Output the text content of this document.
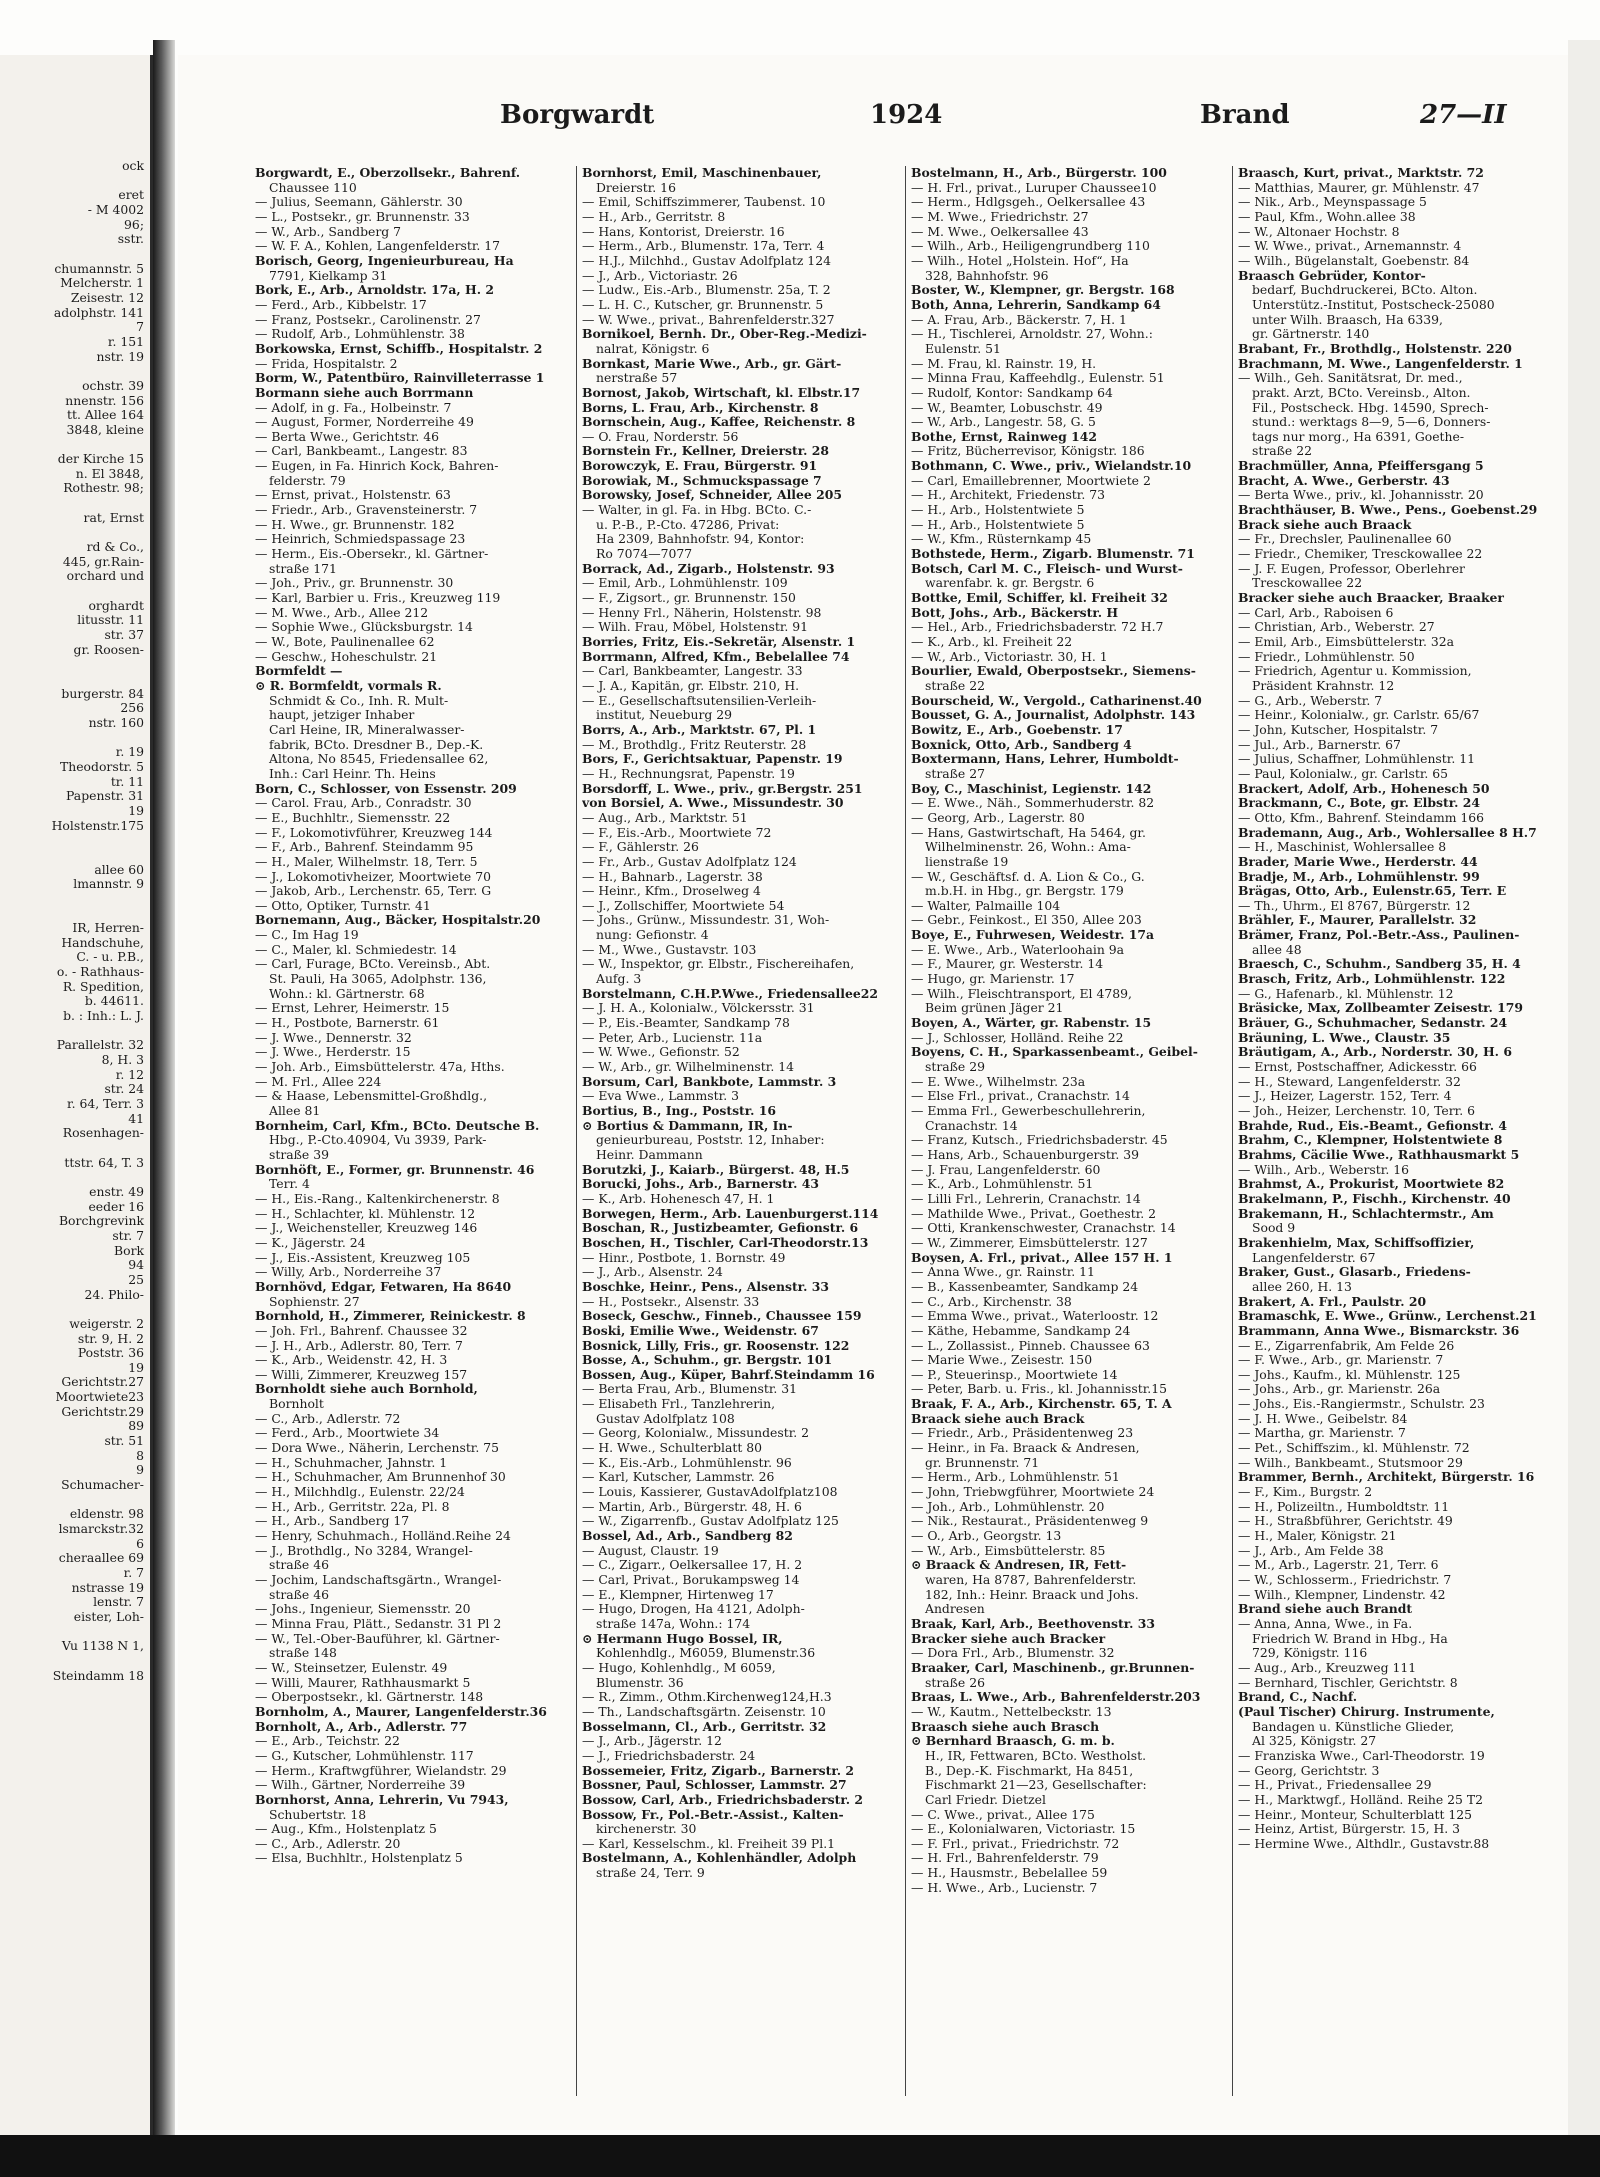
ock

eret

- M 4002

96;

sstr.

chumannstr. 5

Melcherstr. 1

Zeisestr. 12

adolphstr. 141

7

r. 151

nstr. 19

ochstr. 39

nnenstr. 156

tt. Allee 164

3848, kleine

der Kirche 15

n. El 3848,

Rothestr. 98;

rat, Ernst

rd & Co.,

445, gr.Rain-

orchard und

orghardt

litusstr. 11

str. 37

gr. Roosen-

burgerstr. 84

256

nstr. 160

r. 19

Theodorstr. 5

tr. 11

Papenstr. 31

19

Holstenstr.175

allee 60

lmannstr. 9

IR, Herren-

Handschuhe,

C. - u. P.B.,

o. - Rathhaus-

R. Spedition,

b. 44611.

b. : Inh.: L. J.

Parallelstr. 32

8, H. 3

r. 12

str. 24

r. 64, Terr. 3

41

Rosenhagen-

ttstr. 64, T. 3

enstr. 49

eeder 16

Borchgrevink

str. 7

Bork

94

25

24. Philo-

weigerstr. 2

str. 9, H. 2

Poststr. 36

19

Gerichtstr.27

Moortwiete23

Gerichtstr.29

89

str. 51

8

9

Schumacher-

eldenstr. 98

lsmarckstr.32

6

cheraallee 69

r. 7

nstrasse 19

lenstr. 7

eister, Loh-

Vu 1138 N 1,

Steindamm 18

Borgwardt	1924	Brand	27—II

Borgwardt, E., Oberzollsekr., Bahrenf.

Chaussee 110

— Julius, Seemann, Gählerstr. 30

— L., Postsekr., gr. Brunnenstr. 33

— W., Arb., Sandberg 7

— W. F. A., Kohlen, Langenfelderstr. 17

Borisch, Georg, Ingenieurbureau, Ha

7791, Kielkamp 31

Bork, E., Arb., Arnoldstr. 17a, H. 2

— Ferd., Arb., Kibbelstr. 17

— Franz, Postsekr., Carolinenstr. 27

— Rudolf, Arb., Lohmühlenstr. 38

Borkowska, Ernst, Schiffb., Hospitalstr. 2

— Frida, Hospitalstr. 2

Borm, W., Patentbüro, Rainvilleterrasse 1

Bormann siehe auch Borrmann

— Adolf, in g. Fa., Holbeinstr. 7

— August, Former, Norderreihe 49

— Berta Wwe., Gerichtstr. 46

— Carl, Bankbeamt., Langestr. 83

— Eugen, in Fa. Hinrich Kock, Bahren-

felderstr. 79

— Ernst, privat., Holstenstr. 63

— Friedr., Arb., Gravensteinerstr. 7

— H. Wwe., gr. Brunnenstr. 182

— Heinrich, Schmiedspassage 23

— Herm., Eis.-Obersekr., kl. Gärtner-

straße 171

— Joh., Priv., gr. Brunnenstr. 30

— Karl, Barbier u. Fris., Kreuzweg 119

— M. Wwe., Arb., Allee 212

— Sophie Wwe., Glücksburgstr. 14

— W., Bote, Paulinenallee 62

— Geschw., Hoheschulstr. 21

Bormfeldt —

⊙ R. Bormfeldt, vormals R.

Schmidt & Co., Inh. R. Mult-

haupt, jetziger Inhaber

Carl Heine, IR, Mineralwasser-

fabrik, BCto. Dresdner B., Dep.-K.

Altona, No 8545, Friedensallee 62,

Inh.: Carl Heinr. Th. Heins

Born, C., Schlosser, von Essenstr. 209

— Carol. Frau, Arb., Conradstr. 30

— E., Buchhltr., Siemensstr. 22

— F., Lokomotivführer, Kreuzweg 144

— F., Arb., Bahrenf. Steindamm 95

— H., Maler, Wilhelmstr. 18, Terr. 5

— J., Lokomotivheizer, Moortwiete 70

— Jakob, Arb., Lerchenstr. 65, Terr. G

— Otto, Optiker, Turnstr. 41

Bornemann, Aug., Bäcker, Hospitalstr.20

— C., Im Hag 19

— C., Maler, kl. Schmiedestr. 14

— Carl, Furage, BCto. Vereinsb., Abt.

St. Pauli, Ha 3065, Adolphstr. 136,

Wohn.: kl. Gärtnerstr. 68

— Ernst, Lehrer, Heimerstr. 15

— H., Postbote, Barnerstr. 61

— J. Wwe., Dennerstr. 32

— J. Wwe., Herderstr. 15

— Joh. Arb., Eimsbüttelerstr. 47a, Hths.

— M. Frl., Allee 224

— & Haase, Lebensmittel-Großhdlg.,

Allee 81

Bornheim, Carl, Kfm., BCto. Deutsche B.

Hbg., P.-Cto.40904, Vu 3939, Park-

straße 39

Bornhöft, E., Former, gr. Brunnenstr. 46

Terr. 4

— H., Eis.-Rang., Kaltenkirchenerstr. 8

— H., Schlachter, kl. Mühlenstr. 12

— J., Weichensteller, Kreuzweg 146

— K., Jägerstr. 24

— J., Eis.-Assistent, Kreuzweg 105

— Willy, Arb., Norderreihe 37

Bornhövd, Edgar, Fetwaren, Ha 8640

Sophienstr. 27

Bornhold, H., Zimmerer, Reinickestr. 8

— Joh. Frl., Bahrenf. Chaussee 32

— J. H., Arb., Adlerstr. 80, Terr. 7

— K., Arb., Weidenstr. 42, H. 3

— Willi, Zimmerer, Kreuzweg 157

Bornholdt siehe auch Bornhold,

Bornholt

— C., Arb., Adlerstr. 72

— Ferd., Arb., Moortwiete 34

— Dora Wwe., Näherin, Lerchenstr. 75

— H., Schuhmacher, Jahnstr. 1

— H., Schuhmacher, Am Brunnenhof 30

— H., Milchhdlg., Eulenstr. 22/24

— H., Arb., Gerritstr. 22a, Pl. 8

— H., Arb., Sandberg 17

— Henry, Schuhmach., Holländ.Reihe 24

— J., Brothdlg., No 3284, Wrangel-

straße 46

— Jochim, Landschaftsgärtn., Wrangel-

straße 46

— Johs., Ingenieur, Siemensstr. 20

— Minna Frau, Plätt., Sedanstr. 31 Pl 2

— W., Tel.-Ober-Bauführer, kl. Gärtner-

straße 148

— W., Steinsetzer, Eulenstr. 49

— Willi, Maurer, Rathhausmarkt 5

— Oberpostsekr., kl. Gärtnerstr. 148

Bornholm, A., Maurer, Langenfelderstr.36

Bornholt, A., Arb., Adlerstr. 77

— E., Arb., Teichstr. 22

— G., Kutscher, Lohmühlenstr. 117

— Herm., Kraftwgführer, Wielandstr. 29

— Wilh., Gärtner, Norderreihe 39

Bornhorst, Anna, Lehrerin, Vu 7943,

Schubertstr. 18

— Aug., Kfm., Holstenplatz 5

— C., Arb., Adlerstr. 20

— Elsa, Buchhltr., Holstenplatz 5

Bornhorst, Emil, Maschinenbauer,

Dreierstr. 16

— Emil, Schiffszimmerer, Taubenst. 10

— H., Arb., Gerritstr. 8

— Hans, Kontorist, Dreierstr. 16

— Herm., Arb., Blumenstr. 17a, Terr. 4

— H.J., Milchhd., Gustav Adolfplatz 124

— J., Arb., Victoriastr. 26

— Ludw., Eis.-Arb., Blumenstr. 25a, T. 2

— L. H. C., Kutscher, gr. Brunnenstr. 5

— W. Wwe., privat., Bahrenfelderstr.327

Bornikoel, Bernh. Dr., Ober-Reg.-Medizi-

nalrat, Königstr. 6

Bornkast, Marie Wwe., Arb., gr. Gärt-

nerstraße 57

Bornost, Jakob, Wirtschaft, kl. Elbstr.17

Borns, L. Frau, Arb., Kirchenstr. 8

Bornschein, Aug., Kaffee, Reichenstr. 8

— O. Frau, Norderstr. 56

Bornstein Fr., Kellner, Dreierstr. 28

Borowczyk, E. Frau, Bürgerstr. 91

Borowiak, M., Schmuckspassage 7

Borowsky, Josef, Schneider, Allee 205

— Walter, in gl. Fa. in Hbg. BCto. C.-

u. P.-B., P.-Cto. 47286, Privat:

Ha 2309, Bahnhofstr. 94, Kontor:

Ro 7074—7077

Borrack, Ad., Zigarb., Holstenstr. 93

— Emil, Arb., Lohmühlenstr. 109

— F., Zigsort., gr. Brunnenstr. 150

— Henny Frl., Näherin, Holstenstr. 98

— Wilh. Frau, Möbel, Holstenstr. 91

Borries, Fritz, Eis.-Sekretär, Alsenstr. 1

Borrmann, Alfred, Kfm., Bebelallee 74

— Carl, Bankbeamter, Langestr. 33

— J. A., Kapitän, gr. Elbstr. 210, H.

— E., Gesellschaftsutensilien-Verleih-

institut, Neueburg 29

Borrs, A., Arb., Marktstr. 67, Pl. 1

— M., Brothdlg., Fritz Reuterstr. 28

Bors, F., Gerichtsaktuar, Papenstr. 19

— H., Rechnungsrat, Papenstr. 19

Borsdorff, L. Wwe., priv., gr.Bergstr. 251

von Borsiel, A. Wwe., Missundestr. 30

— Aug., Arb., Marktstr. 51

— F., Eis.-Arb., Moortwiete 72

— F., Gählerstr. 26

— Fr., Arb., Gustav Adolfplatz 124

— H., Bahnarb., Lagerstr. 38

— Heinr., Kfm., Droselweg 4

— J., Zollschiffer, Moortwiete 54

— Johs., Grünw., Missundestr. 31, Woh-

nung: Gefionstr. 4

— M., Wwe., Gustavstr. 103

— W., Inspektor, gr. Elbstr., Fischereihafen,

Aufg. 3

Borstelmann, C.H.P.Wwe., Friedensallee22

— J. H. A., Kolonialw., Völckersstr. 31

— P., Eis.-Beamter, Sandkamp 78

— Peter, Arb., Lucienstr. 11a

— W. Wwe., Gefionstr. 52

— W., Arb., gr. Wilhelminenstr. 14

Borsum, Carl, Bankbote, Lammstr. 3

— Eva Wwe., Lammstr. 3

Bortius, B., Ing., Poststr. 16

⊙ Bortius & Dammann, IR, In-

genieurbureau, Poststr. 12, Inhaber:

Heinr. Dammann

Borutzki, J., Kaiarb., Bürgerst. 48, H.5

Borucki, Johs., Arb., Barnerstr. 43

— K., Arb. Hohenesch 47, H. 1

Borwegen, Herm., Arb. Lauenburgerst.114

Boschan, R., Justizbeamter, Gefionstr. 6

Boschen, H., Tischler, Carl-Theodorstr.13

— Hinr., Postbote, 1. Bornstr. 49

— J., Arb., Alsenstr. 24

Boschke, Heinr., Pens., Alsenstr. 33

— H., Postsekr., Alsenstr. 33

Boseck, Geschw., Finneb., Chaussee 159

Boski, Emilie Wwe., Weidenstr. 67

Bosnick, Lilly, Fris., gr. Roosenstr. 122

Bosse, A., Schuhm., gr. Bergstr. 101

Bossen, Aug., Küper, Bahrf.Steindamm 16

— Berta Frau, Arb., Blumenstr. 31

— Elisabeth Frl., Tanzlehrerin,

Gustav Adolfplatz 108

— Georg, Kolonialw., Missundestr. 2

— H. Wwe., Schulterblatt 80

— K., Eis.-Arb., Lohmühlenstr. 96

— Karl, Kutscher, Lammstr. 26

— Louis, Kassierer, GustavAdolfplatz108

— Martin, Arb., Bürgerstr. 48, H. 6

— W., Zigarrenfb., Gustav Adolfplatz 125

Bossel, Ad., Arb., Sandberg 82

— August, Claustr. 19

— C., Zigarr., Oelkersallee 17, H. 2

— Carl, Privat., Borukampsweg 14

— E., Klempner, Hirtenweg 17

— Hugo, Drogen, Ha 4121, Adolph-

straße 147a, Wohn.: 174

⊙ Hermann Hugo Bossel, IR,

Kohlenhdlg., M6059, Blumenstr.36

— Hugo, Kohlenhdlg., M 6059,

Blumenstr. 36

— R., Zimm., Othm.Kirchenweg124,H.3

— Th., Landschaftsgärtn. Zeisenstr. 10

Bosselmann, Cl., Arb., Gerritstr. 32

— J., Arb., Jägerstr. 12

— J., Friedrichsbaderstr. 24

Bossemeier, Fritz, Zigarb., Barnerstr. 2

Bossner, Paul, Schlosser, Lammstr. 27

Bossow, Carl, Arb., Friedrichsbaderstr. 2

Bossow, Fr., Pol.-Betr.-Assist., Kalten-

kirchenerstr. 30

— Karl, Kesselschm., kl. Freiheit 39 Pl.1

Bostelmann, A., Kohlenhändler, Adolph

straße 24, Terr. 9

Bostelmann, H., Arb., Bürgerstr. 100

— H. Frl., privat., Luruper Chaussee10

— Herm., Hdlgsgeh., Oelkersallee 43

— M. Wwe., Friedrichstr. 27

— M. Wwe., Oelkersallee 43

— Wilh., Arb., Heiligengrundberg 110

— Wilh., Hotel „Holstein. Hof“, Ha

328, Bahnhofstr. 96

Boster, W., Klempner, gr. Bergstr. 168

Both, Anna, Lehrerin, Sandkamp 64

— A. Frau, Arb., Bäckerstr. 7, H. 1

— H., Tischlerei, Arnoldstr. 27, Wohn.:

Eulenstr. 51

— M. Frau, kl. Rainstr. 19, H.

— Minna Frau, Kaffeehdlg., Eulenstr. 51

— Rudolf, Kontor: Sandkamp 64

— W., Beamter, Lobuschstr. 49

— W., Arb., Langestr. 58, G. 5

Bothe, Ernst, Rainweg 142

— Fritz, Bücherrevisor, Königstr. 186

Bothmann, C. Wwe., priv., Wielandstr.10

— Carl, Emaillebrenner, Moortwiete 2

— H., Architekt, Friedenstr. 73

— H., Arb., Holstentwiete 5

— H., Arb., Holstentwiete 5

— W., Kfm., Rüsternkamp 45

Bothstede, Herm., Zigarb. Blumenstr. 71

Botsch, Carl M. C., Fleisch- und Wurst-

warenfabr. k. gr. Bergstr. 6

Bottke, Emil, Schiffer, kl. Freiheit 32

Bott, Johs., Arb., Bäckerstr. H

— Hel., Arb., Friedrichsbaderstr. 72 H.7

— K., Arb., kl. Freiheit 22

— W., Arb., Victoriastr. 30, H. 1

Bourlier, Ewald, Oberpostsekr., Siemens-

straße 22

Bourscheid, W., Vergold., Catharinenst.40

Bousset, G. A., Journalist, Adolphstr. 143

Bowitz, E., Arb., Goebenstr. 17

Boxnick, Otto, Arb., Sandberg 4

Boxtermann, Hans, Lehrer, Humboldt-

straße 27

Boy, C., Maschinist, Legienstr. 142

— E. Wwe., Näh., Sommerhuderstr. 82

— Georg, Arb., Lagerstr. 80

— Hans, Gastwirtschaft, Ha 5464, gr.

Wilhelminenstr. 26, Wohn.: Ama-

lienstraße 19

— W., Geschäftsf. d. A. Lion & Co., G.

m.b.H. in Hbg., gr. Bergstr. 179

— Walter, Palmaille 104

— Gebr., Feinkost., El 350, Allee 203

Boye, E., Fuhrwesen, Weidestr. 17a

— E. Wwe., Arb., Waterloohain 9a

— F., Maurer, gr. Westerstr. 14

— Hugo, gr. Marienstr. 17

— Wilh., Fleischtransport, El 4789,

Beim grünen Jäger 21

Boyen, A., Wärter, gr. Rabenstr. 15

— J., Schlosser, Holländ. Reihe 22

Boyens, C. H., Sparkassenbeamt., Geibel-

straße 29

— E. Wwe., Wilhelmstr. 23a

— Else Frl., privat., Cranachstr. 14

— Emma Frl., Gewerbeschullehrerin,

Cranachstr. 14

— Franz, Kutsch., Friedrichsbaderstr. 45

— Hans, Arb., Schauenburgerstr. 39

— J. Frau, Langenfelderstr. 60

— K., Arb., Lohmühlenstr. 51

— Lilli Frl., Lehrerin, Cranachstr. 14

— Mathilde Wwe., Privat., Goethestr. 2

— Otti, Krankenschwester, Cranachstr. 14

— W., Zimmerer, Eimsbüttelerstr. 127

Boysen, A. Frl., privat., Allee 157 H. 1

— Anna Wwe., gr. Rainstr. 11

— B., Kassenbeamter, Sandkamp 24

— C., Arb., Kirchenstr. 38

— Emma Wwe., privat., Waterloostr. 12

— Käthe, Hebamme, Sandkamp 24

— L., Zollassist., Pinneb. Chaussee 63

— Marie Wwe., Zeisestr. 150

— P., Steuerinsp., Moortwiete 14

— Peter, Barb. u. Fris., kl. Johannisstr.15

Braak, F. A., Arb., Kirchenstr. 65, T. A

Braack siehe auch Brack

— Friedr., Arb., Präsidentenweg 23

— Heinr., in Fa. Braack & Andresen,

gr. Brunnenstr. 71

— Herm., Arb., Lohmühlenstr. 51

— John, Triebwgführer, Moortwiete 24

— Joh., Arb., Lohmühlenstr. 20

— Nik., Restaurat., Präsidentenweg 9

— O., Arb., Georgstr. 13

— W., Arb., Eimsbüttelerstr. 85

⊙ Braack & Andresen, IR, Fett-

waren, Ha 8787, Bahrenfelderstr.

182, Inh.: Heinr. Braack und Johs.

Andresen

Braak, Karl, Arb., Beethovenstr. 33

Bracker siehe auch Bracker

— Dora Frl., Arb., Blumenstr. 32

Braaker, Carl, Maschinenb., gr.Brunnen-

straße 26

Braas, L. Wwe., Arb., Bahrenfelderstr.203

— W., Kautm., Nettelbeckstr. 13

Braasch siehe auch Brasch

⊙ Bernhard Braasch, G. m. b.

H., IR, Fettwaren, BCto. Westholst.

B., Dep.-K. Fischmarkt, Ha 8451,

Fischmarkt 21—23, Gesellschafter:

Carl Friedr. Dietzel

— C. Wwe., privat., Allee 175

— E., Kolonialwaren, Victoriastr. 15

— F. Frl., privat., Friedrichstr. 72

— H. Frl., Bahrenfelderstr. 79

— H., Hausmstr., Bebelallee 59

— H. Wwe., Arb., Lucienstr. 7

Braasch, Kurt, privat., Marktstr. 72

— Matthias, Maurer, gr. Mühlenstr. 47

— Nik., Arb., Meynspassage 5

— Paul, Kfm., Wohn.allee 38

— W., Altonaer Hochstr. 8

— W. Wwe., privat., Arnemannstr. 4

— Wilh., Bügelanstalt, Goebenstr. 84

Braasch Gebrüder, Kontor-

bedarf, Buchdruckerei, BCto. Alton.

Unterstütz.-Institut, Postscheck-25080

unter Wilh. Braasch, Ha 6339,

gr. Gärtnerstr. 140

Brabant, Fr., Brothdlg., Holstenstr. 220

Brachmann, M. Wwe., Langenfelderstr. 1

— Wilh., Geh. Sanitätsrat, Dr. med.,

prakt. Arzt, BCto. Vereinsb., Alton.

Fil., Postscheck. Hbg. 14590, Sprech-

stund.: werktags 8—9, 5—6, Donners-

tags nur morg., Ha 6391, Goethe-

straße 22

Brachmüller, Anna, Pfeiffersgang 5

Bracht, A. Wwe., Gerberstr. 43

— Berta Wwe., priv., kl. Johannisstr. 20

Brachthäuser, B. Wwe., Pens., Goebenst.29

Brack siehe auch Braack

— Fr., Drechsler, Paulinenallee 60

— Friedr., Chemiker, Tresckowallee 22

— J. F. Eugen, Professor, Oberlehrer

Tresckowallee 22

Bracker siehe auch Braacker, Braaker

— Carl, Arb., Raboisen 6

— Christian, Arb., Weberstr. 27

— Emil, Arb., Eimsbüttelerstr. 32a

— Friedr., Lohmühlenstr. 50

— Friedrich, Agentur u. Kommission,

Präsident Krahnstr. 12

— G., Arb., Weberstr. 7

— Heinr., Kolonialw., gr. Carlstr. 65/67

— John, Kutscher, Hospitalstr. 7

— Jul., Arb., Barnerstr. 67

— Julius, Schaffner, Lohmühlenstr. 11

— Paul, Kolonialw., gr. Carlstr. 65

Brackert, Adolf, Arb., Hohenesch 50

Brackmann, C., Bote, gr. Elbstr. 24

— Otto, Kfm., Bahrenf. Steindamm 166

Brademann, Aug., Arb., Wohlersallee 8 H.7

— H., Maschinist, Wohlersallee 8

Brader, Marie Wwe., Herderstr. 44

Bradje, M., Arb., Lohmühlenstr. 99

Brägas, Otto, Arb., Eulenstr.65, Terr. E

— Th., Uhrm., El 8767, Bürgerstr. 12

Brähler, F., Maurer, Parallelstr. 32

Brämer, Franz, Pol.-Betr.-Ass., Paulinen-

allee 48

Braesch, C., Schuhm., Sandberg 35, H. 4

Brasch, Fritz, Arb., Lohmühlenstr. 122

— G., Hafenarb., kl. Mühlenstr. 12

Bräsicke, Max, Zollbeamter Zeisestr. 179

Bräuer, G., Schuhmacher, Sedanstr. 24

Bräuning, L. Wwe., Claustr. 35

Bräutigam, A., Arb., Norderstr. 30, H. 6

— Ernst, Postschaffner, Adickesstr. 66

— H., Steward, Langenfelderstr. 32

— J., Heizer, Lagerstr. 152, Terr. 4

— Joh., Heizer, Lerchenstr. 10, Terr. 6

Brahde, Rud., Eis.-Beamt., Gefionstr. 4

Brahm, C., Klempner, Holstentwiete 8

Brahms, Cäcilie Wwe., Rathhausmarkt 5

— Wilh., Arb., Weberstr. 16

Brahmst, A., Prokurist, Moortwiete 82

Brakelmann, P., Fischh., Kirchenstr. 40

Brakemann, H., Schlachtermstr., Am

Sood 9

Brakenhielm, Max, Schiffsoffizier,

Langenfelderstr. 67

Braker, Gust., Glasarb., Friedens-

allee 260, H. 13

Brakert, A. Frl., Paulstr. 20

Bramaschk, E. Wwe., Grünw., Lerchenst.21

Brammann, Anna Wwe., Bismarckstr. 36

— E., Zigarrenfabrik, Am Felde 26

— F. Wwe., Arb., gr. Marienstr. 7

— Johs., Kaufm., kl. Mühlenstr. 125

— Johs., Arb., gr. Marienstr. 26a

— Johs., Eis.-Rangiermstr., Schulstr. 23

— J. H. Wwe., Geibelstr. 84

— Martha, gr. Marienstr. 7

— Pet., Schiffszim., kl. Mühlenstr. 72

— Wilh., Bankbeamt., Stutsmoor 29

Brammer, Bernh., Architekt, Bürgerstr. 16

— F., Kim., Burgstr. 2

— H., Polizeiltn., Humboldtstr. 11

— H., Straßbführer, Gerichtstr. 49

— H., Maler, Königstr. 21

— J., Arb., Am Felde 38

— M., Arb., Lagerstr. 21, Terr. 6

— W., Schlosserm., Friedrichstr. 7

— Wilh., Klempner, Lindenstr. 42

Brand siehe auch Brandt

— Anna, Anna, Wwe., in Fa.

Friedrich W. Brand in Hbg., Ha

729, Königstr. 116

— Aug., Arb., Kreuzweg 111

— Bernhard, Tischler, Gerichtstr. 8

Brand, C., Nachf.

(Paul Tischer) Chirurg. Instrumente,

Bandagen u. Künstliche Glieder,

Al 325, Königstr. 27

— Franziska Wwe., Carl-Theodorstr. 19

— Georg, Gerichtstr. 3

— H., Privat., Friedensallee 29

— H., Marktwgf., Holländ. Reihe 25 T2

— Heinr., Monteur, Schulterblatt 125

— Heinz, Artist, Bürgerstr. 15, H. 3

— Hermine Wwe., Althdlr., Gustavstr.88
